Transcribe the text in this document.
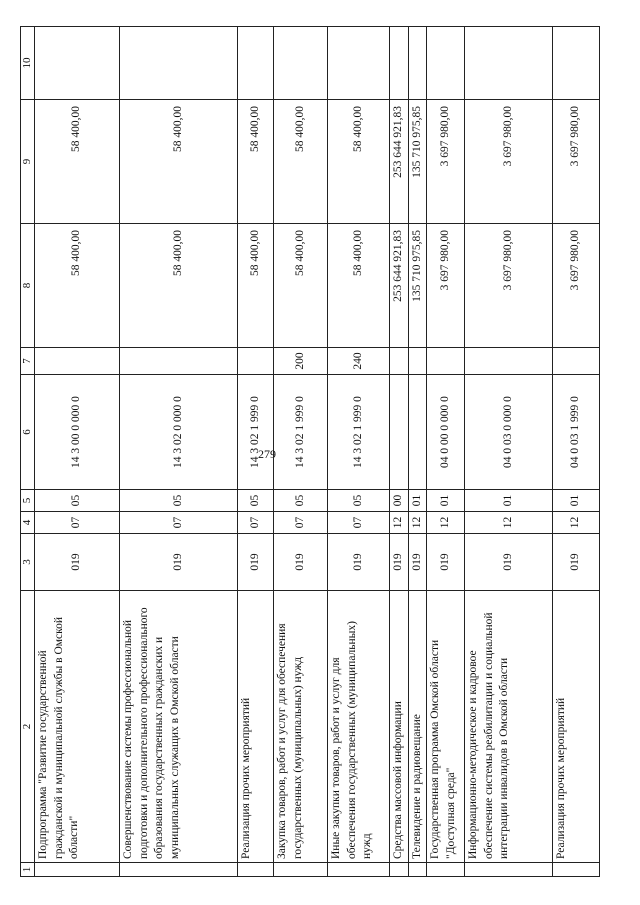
279
1	2	3	4	5	6	7	8	9	10
	Подпрограмма "Развитие государственной гражданской и муниципальной службы в Омской области"	019	07	05	14 3 00 0 000 0		58 400,00	58 400,00	
	Совершенствование системы профессиональной подготовки и дополнительного профессионального образования государственных гражданских и муниципальных служащих в Омской области	019	07	05	14 3 02 0 000 0		58 400,00	58 400,00	
	Реализация прочих мероприятий	019	07	05	14 3 02 1 999 0		58 400,00	58 400,00	
	Закупка товаров, работ и услуг для обеспечения государственных (муниципальных) нужд	019	07	05	14 3 02 1 999 0	200	58 400,00	58 400,00	
	Иные закупки товаров, работ и услуг для обеспечения государственных (муниципальных) нужд	019	07	05	14 3 02 1 999 0	240	58 400,00	58 400,00	
	Средства массовой информации	019	12	00			253 644 921,83	253 644 921,83	
	Телевидение и радиовещание	019	12	01			135 710 975,85	135 710 975,85	
	Государственная программа Омской области "Доступная среда"	019	12	01	04 0 00 0 000 0		3 697 980,00	3 697 980,00	
	Информационно-методическое и кадровое обеспечение системы реабилитации и социальной интеграции инвалидов в Омской области	019	12	01	04 0 03 0 000 0		3 697 980,00	3 697 980,00	
	Реализация прочих мероприятий	019	12	01	04 0 03 1 999 0		3 697 980,00	3 697 980,00	
